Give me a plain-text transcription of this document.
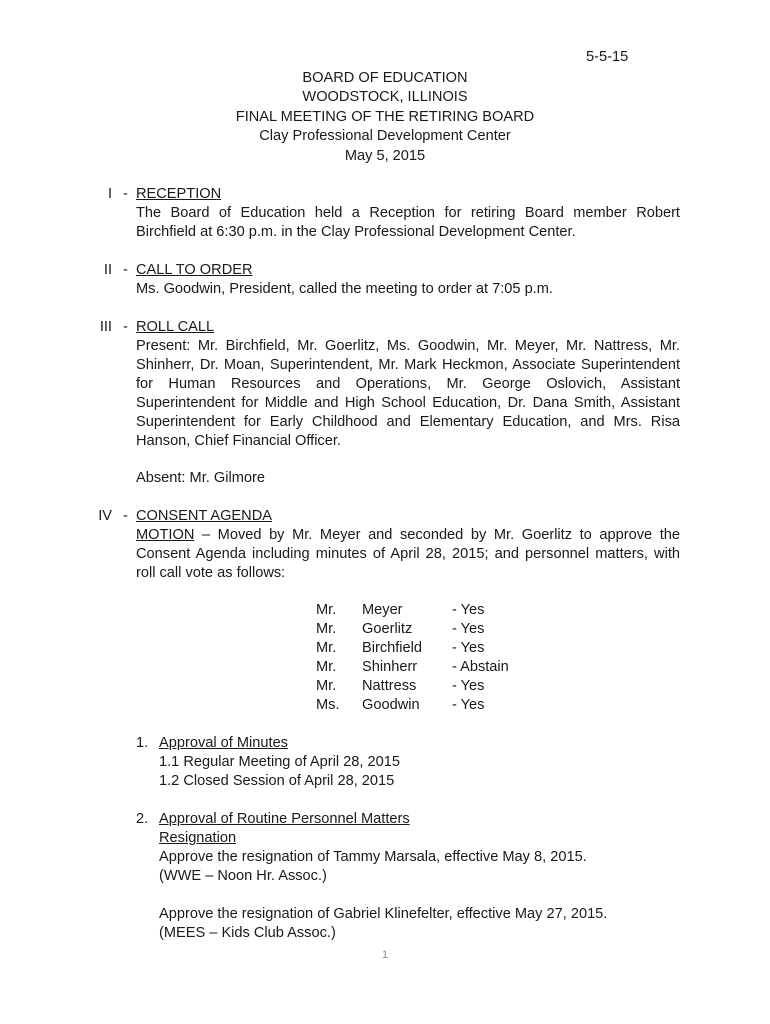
5-5-15
BOARD OF EDUCATION
WOODSTOCK, ILLINOIS
FINAL MEETING OF THE RETIRING BOARD
Clay Professional Development Center
May 5, 2015
I - RECEPTION

The Board of Education held a Reception for retiring Board member Robert Birchfield at 6:30 p.m. in the Clay Professional Development Center.

II - CALL TO ORDER

Ms. Goodwin, President, called the meeting to order at 7:05 p.m.

III - ROLL CALL

Present: Mr. Birchfield, Mr. Goerlitz, Ms. Goodwin, Mr. Meyer, Mr. Nattress, Mr. Shinherr, Dr. Moan, Superintendent, Mr. Mark Heckmon, Associate Superintendent for Human Resources and Operations, Mr. George Oslovich, Assistant Superintendent for Middle and High School Education, Dr. Dana Smith, Assistant Superintendent for Early Childhood and Elementary Education, and Mrs. Risa Hanson, Chief Financial Officer.

Absent: Mr. Gilmore

IV - CONSENT AGENDA

MOTION – Moved by Mr. Meyer and seconded by Mr. Goerlitz to approve the Consent Agenda including minutes of April 28, 2015; and personnel matters, with roll call vote as follows:

Mr. Meyer	- Yes
Mr. Goerlitz	- Yes
Mr. Birchfield - Yes
Mr. Shinherr - Abstain
Mr. Nattress - Yes
Ms. Goodwin - Yes
1. Approval of Minutes
1.1 Regular Meeting of April 28, 2015
1.2 Closed Session of April 28, 2015
2. Approval of Routine Personnel Matters
Resignation

Approve the resignation of Tammy Marsala, effective May 8, 2015.

(WWE – Noon Hr. Assoc.)

Approve the resignation of Gabriel Klinefelter, effective May 27, 2015.

(MEES – Kids Club Assoc.)

1
